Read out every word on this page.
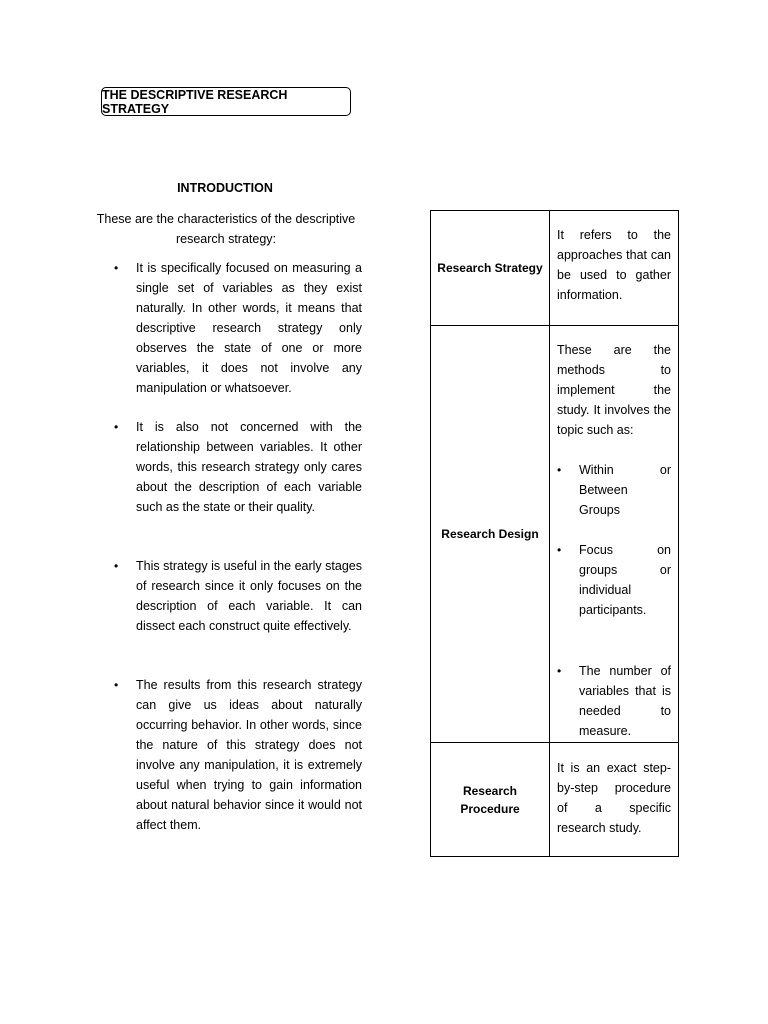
THE DESCRIPTIVE RESEARCH STRATEGY
INTRODUCTION
These are the characteristics of the descriptive research strategy:
• It is specifically focused on measuring a single set of variables as they exist naturally. In other words, it means that descriptive research strategy only observes the state of one or more variables, it does not involve any manipulation or whatsoever.
• It is also not concerned with the relationship between variables. It other words, this research strategy only cares about the description of each variable such as the state or their quality.
• This strategy is useful in the early stages of research since it only focuses on the description of each variable. It can dissect each construct quite effectively.
• The results from this research strategy can give us ideas about naturally occurring behavior. In other words, since the nature of this strategy does not involve any manipulation, it is extremely useful when trying to gain information about natural behavior since it would not affect them.
Research Strategy
It refers to the approaches that can be used to gather information.
Research Design
These are the methods to implement the study. It involves the topic such as:
• Within or Between Groups
• Focus on groups or individual participants.
• The number of variables that is needed to measure.
Research Procedure
It is an exact step-by-step procedure of a specific research study.
